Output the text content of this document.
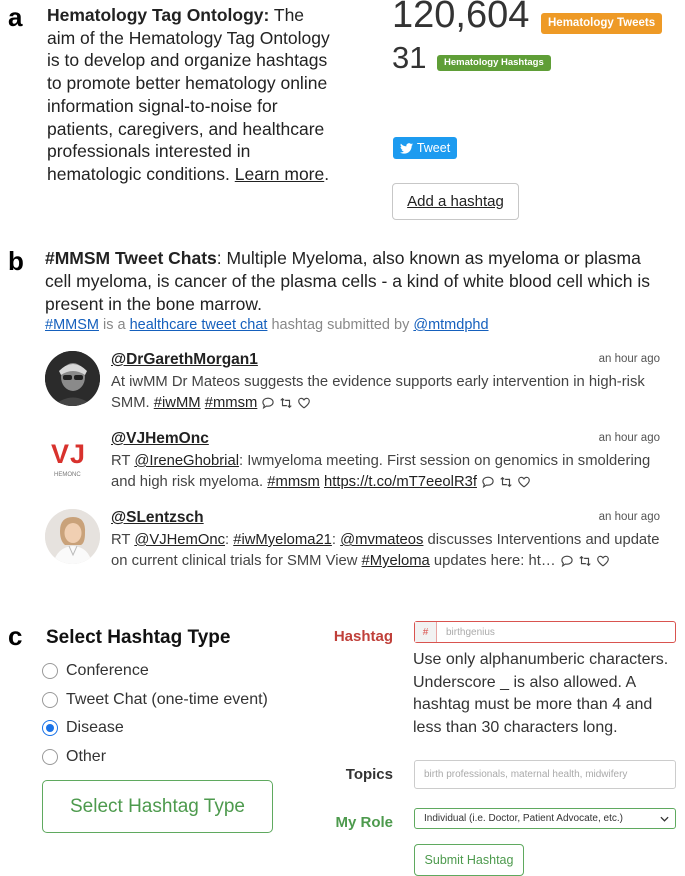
a Hematology Tag Ontology: The aim of the Hematology Tag Ontology is to develop and organize hashtags to promote better hematology online information signal-to-noise for patients, caregivers, and healthcare professionals interested in hematologic conditions. Learn more.
120,604	Hematology Tweets
31	Hematology Hashtags
Tweet
Add a hashtag
b #MMSM Tweet Chats: Multiple Myeloma, also known as myeloma or plasma cell myeloma, is cancer of the plasma cells - a kind of white blood cell which is present in the bone marrow.
#MMSM is a healthcare tweet chat hashtag submitted by @mtmdphd
@DrGarethMorgan1	an hour ago
At iwMM Dr Mateos suggests the evidence supports early intervention in high-risk SMM. #iwMM #mmsm
VJ
HEMONC
@VJHemOnc	an hour ago
RT @IreneGhobrial: Iwmyeloma meeting. First session on genomics in smoldering and high risk myeloma. #mmsm https://t.co/mT7eeolR3f
@SLentzsch	an hour ago
RT @VJHemOnc: #iwMyeloma21: @mvmateos discusses Interventions and update on current clinical trials for SMM View #Myeloma updates here: ht…
c Select Hashtag Type
Conference
Tweet Chat (one-time event)
Disease
Other
Select Hashtag Type
Hashtag	#
birthgenius
Use only alphanumberic characters. Underscore _ is also allowed. A hashtag must be more than 4 and less than 30 characters long.
Topics
birth professionals, maternal health, midwifery
My Role	Individual (i.e. Doctor, Patient Advocate, etc.)
Submit Hashtag
